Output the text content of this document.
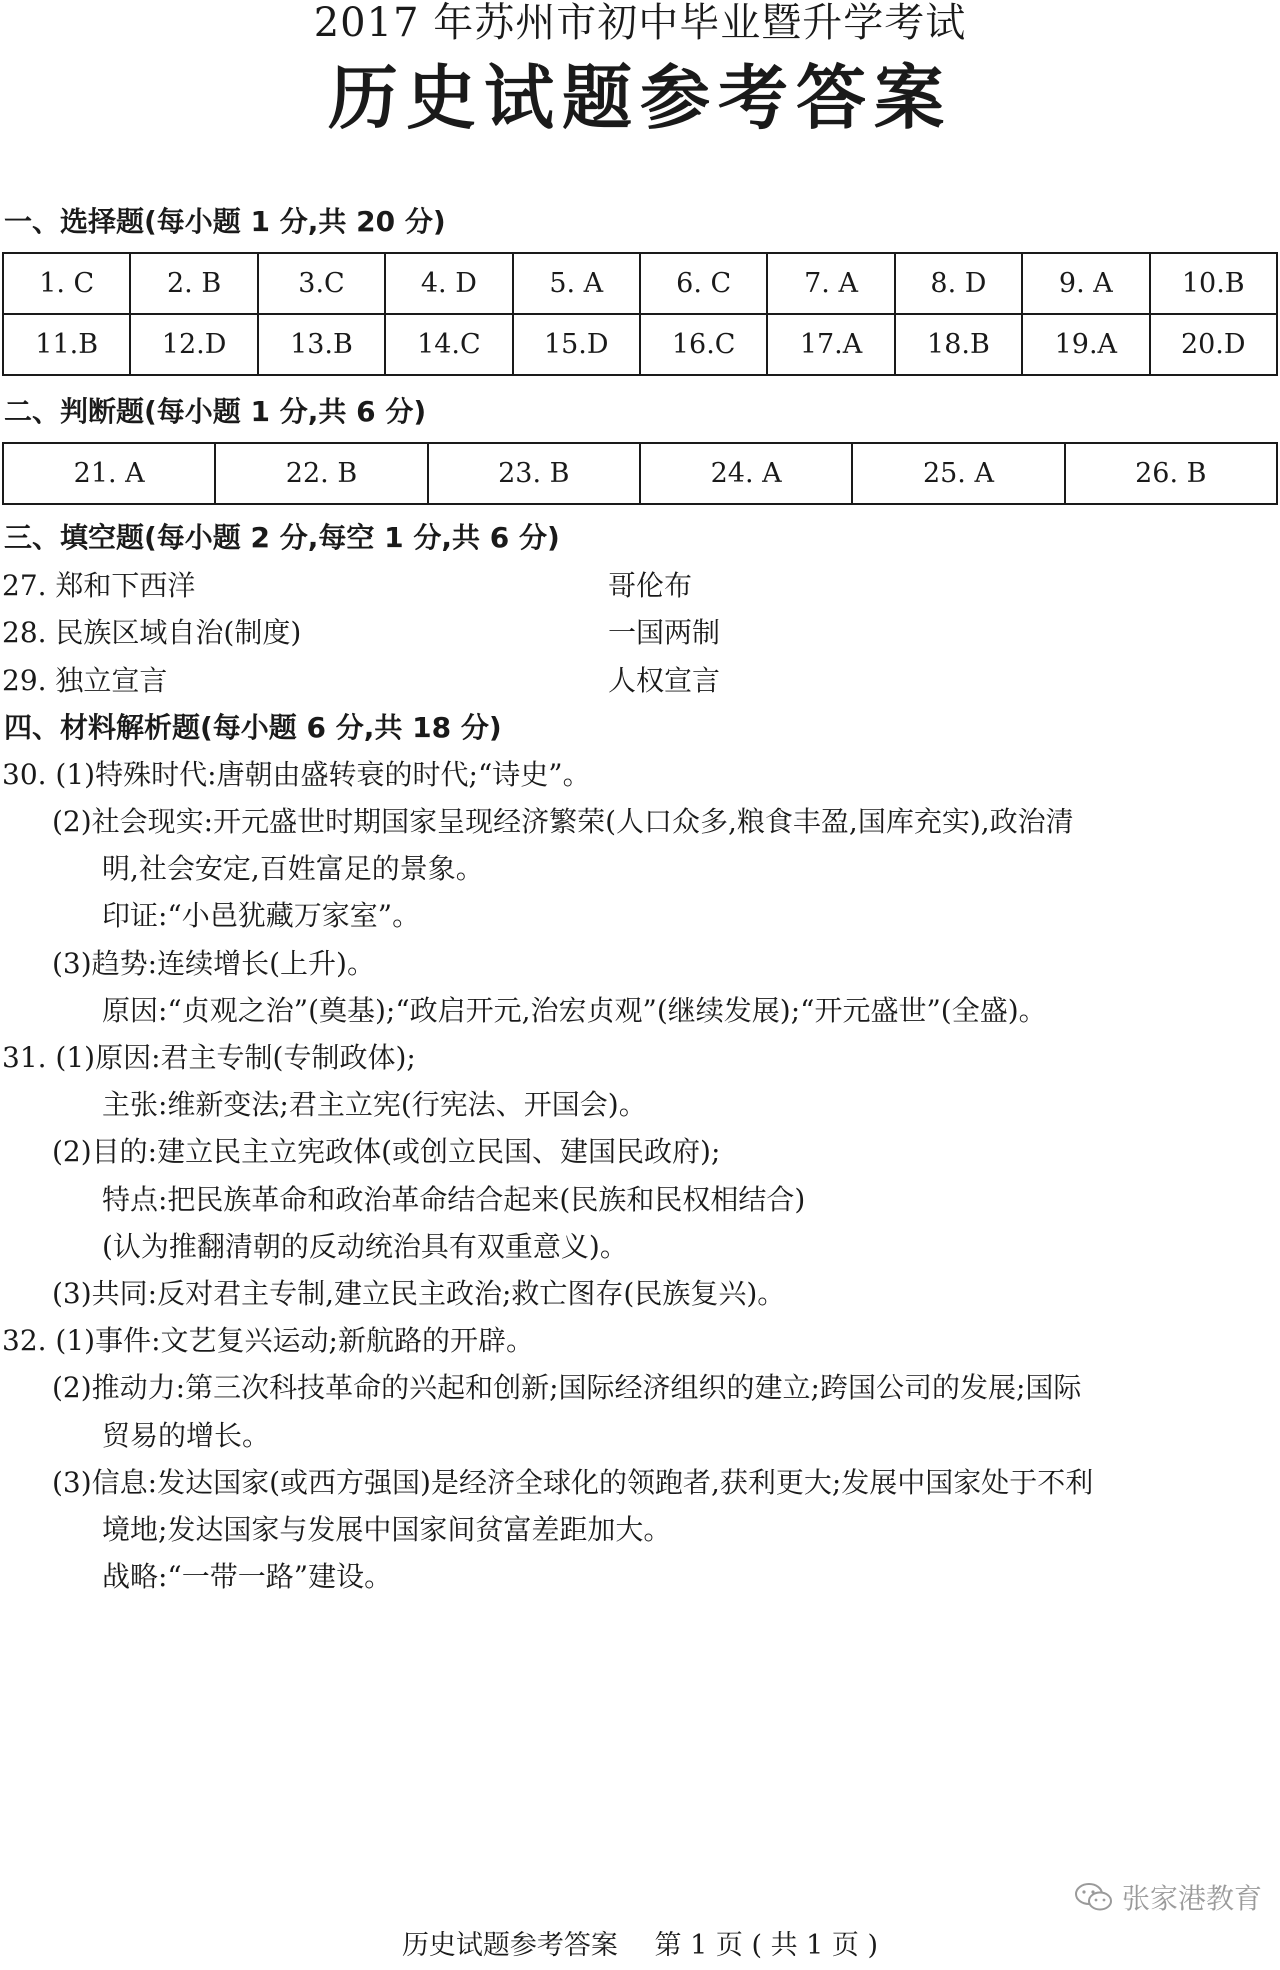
2017 年苏州市初中毕业暨升学考试
历史试题参考答案
一、选择题(每小题 1 分,共 20 分)
1. C	2. B	3.C	4. D	5. A	6. C	7. A	8. D	9. A	10.B
11.B	12.D	13.B	14.C	15.D	16.C	17.A	18.B	19.A	20.D
二、判断题(每小题 1 分,共 6 分)
21. A	22. B	23. B	24. A	25. A	26. B
三、填空题(每小题 2 分,每空 1 分,共 6 分)
27. 郑和下西洋	哥伦布
28. 民族区域自治(制度)	一国两制
29. 独立宣言	人权宣言
四、材料解析题(每小题 6 分,共 18 分)
30. (1)特殊时代:唐朝由盛转衰的时代;“诗史”。
(2)社会现实:开元盛世时期国家呈现经济繁荣(人口众多,粮食丰盈,国库充实),政治清
明,社会安定,百姓富足的景象。
印证:“小邑犹藏万家室”。
(3)趋势:连续增长(上升)。
原因:“贞观之治”(奠基);“政启开元,治宏贞观”(继续发展);“开元盛世”(全盛)。
31. (1)原因:君主专制(专制政体);
主张:维新变法;君主立宪(行宪法、开国会)。
(2)目的:建立民主立宪政体(或创立民国、建国民政府);
特点:把民族革命和政治革命结合起来(民族和民权相结合)
(认为推翻清朝的反动统治具有双重意义)。
(3)共同:反对君主专制,建立民主政治;救亡图存(民族复兴)。
32. (1)事件:文艺复兴运动;新航路的开辟。
(2)推动力:第三次科技革命的兴起和创新;国际经济组织的建立;跨国公司的发展;国际
贸易的增长。
(3)信息:发达国家(或西方强国)是经济全球化的领跑者,获利更大;发展中国家处于不利
境地;发达国家与发展中国家间贫富差距加大。
战略:“一带一路”建设。
张家港教育
历史试题参考答案 第 1 页 ( 共 1 页 )
